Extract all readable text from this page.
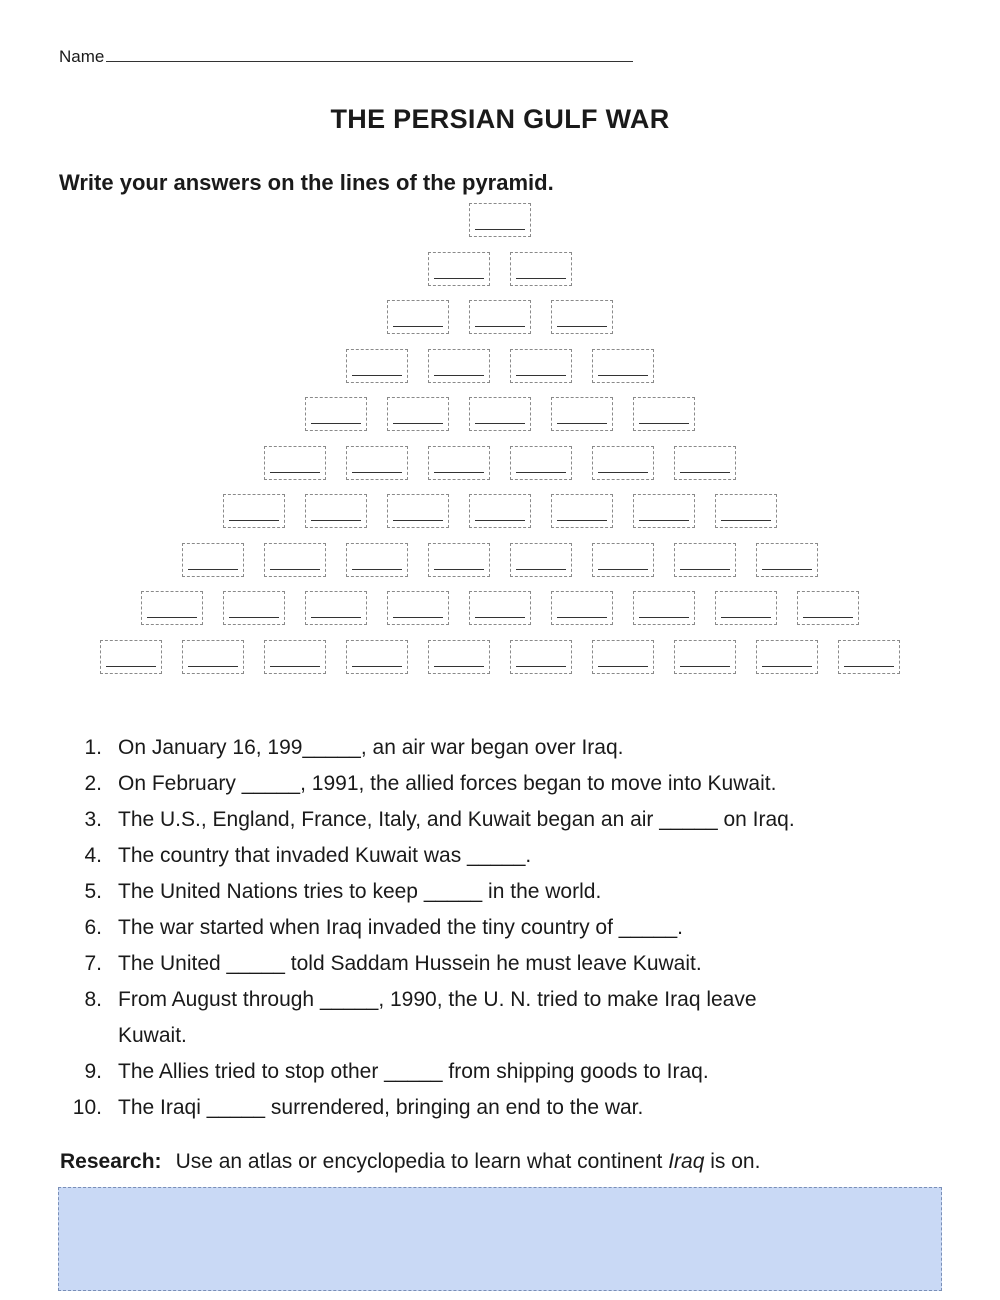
Name
THE PERSIAN GULF WAR
Write your answers on the lines of the pyramid.
1. On January 16, 199_____, an air war began over Iraq.
2. On February _____, 1991, the allied forces began to move into Kuwait.
3. The U.S., England, France, Italy, and Kuwait began an air _____ on Iraq.
4. The country that invaded Kuwait was _____.
5. The United Nations tries to keep _____ in the world.
6. The war started when Iraq invaded the tiny country of _____.
7. The United _____ told Saddam Hussein he must leave Kuwait.
8. From August through _____, 1990, the U. N. tried to make Iraq leave Kuwait.
9. The Allies tried to stop other _____ from shipping goods to Iraq.
10. The Iraqi _____ surrendered, bringing an end to the war.
Research: Use an atlas or encyclopedia to learn what continent Iraq is on.
